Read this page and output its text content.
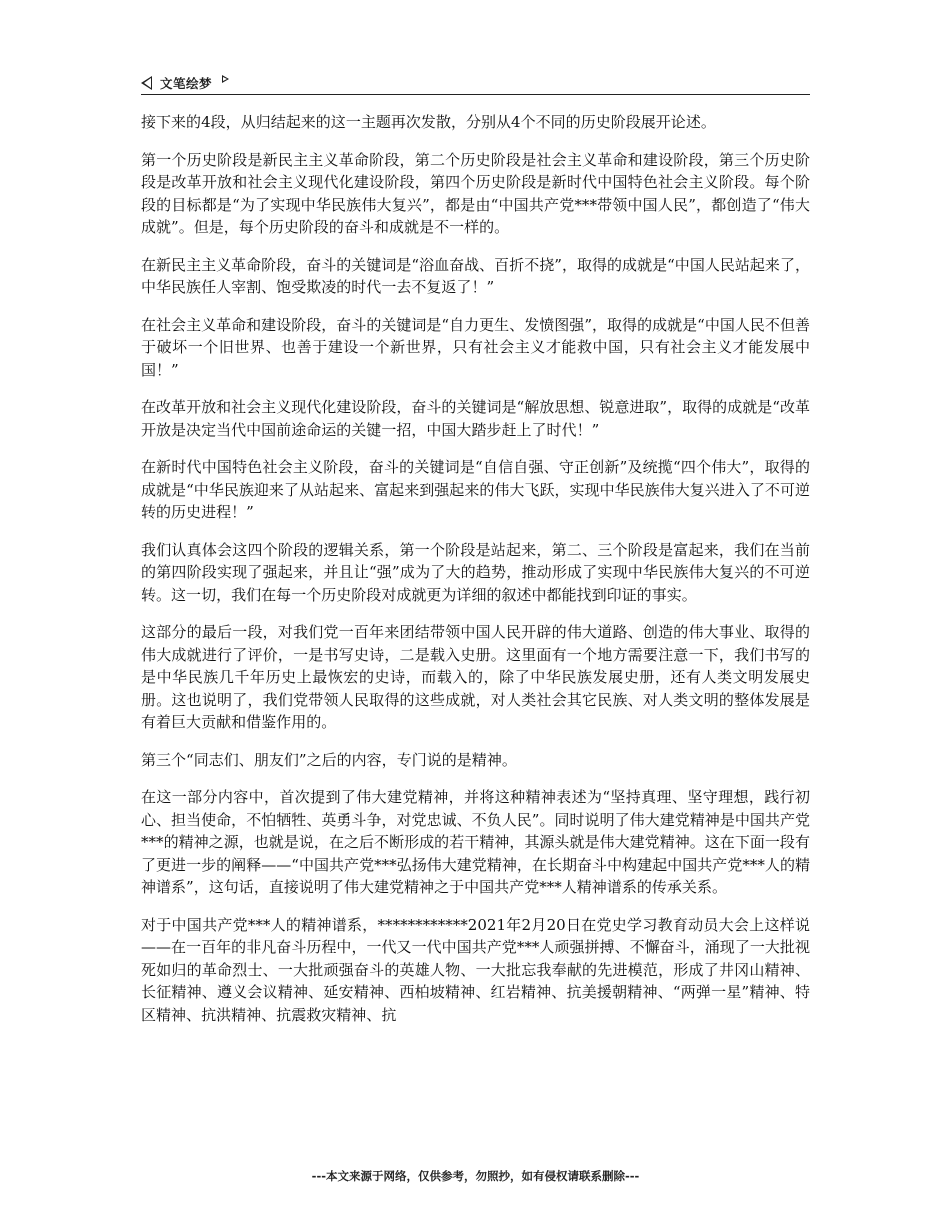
文笔绘梦

接下来的4段，从归结起来的这一主题再次发散，分别从4个不同的历史阶段展开论述。

第一个历史阶段是新民主主义革命阶段，第二个历史阶段是社会主义革命和建设阶段，第三个历史阶段是改革开放和社会主义现代化建设阶段，第四个历史阶段是新时代中国特色社会主义阶段。每个阶段的目标都是“为了实现中华民族伟大复兴”，都是由“中国共产党***带领中国人民”，都创造了“伟大成就”。但是，每个历史阶段的奋斗和成就是不一样的。

在新民主主义革命阶段，奋斗的关键词是“浴血奋战、百折不挠”，取得的成就是“中国人民站起来了，中华民族任人宰割、饱受欺凌的时代一去不复返了！”

在社会主义革命和建设阶段，奋斗的关键词是“自力更生、发愤图强”，取得的成就是“中国人民不但善于破坏一个旧世界、也善于建设一个新世界，只有社会主义才能救中国，只有社会主义才能发展中国！”

在改革开放和社会主义现代化建设阶段，奋斗的关键词是“解放思想、锐意进取”，取得的成就是“改革开放是决定当代中国前途命运的关键一招，中国大踏步赶上了时代！”

在新时代中国特色社会主义阶段，奋斗的关键词是“自信自强、守正创新”及统揽“四个伟大”，取得的成就是“中华民族迎来了从站起来、富起来到强起来的伟大飞跃，实现中华民族伟大复兴进入了不可逆转的历史进程！”

我们认真体会这四个阶段的逻辑关系，第一个阶段是站起来，第二、三个阶段是富起来，我们在当前的第四阶段实现了强起来，并且让“强”成为了大的趋势，推动形成了实现中华民族伟大复兴的不可逆转。这一切，我们在每一个历史阶段对成就更为详细的叙述中都能找到印证的事实。

这部分的最后一段，对我们党一百年来团结带领中国人民开辟的伟大道路、创造的伟大事业、取得的伟大成就进行了评价，一是书写史诗，二是载入史册。这里面有一个地方需要注意一下，我们书写的是中华民族几千年历史上最恢宏的史诗，而载入的，除了中华民族发展史册，还有人类文明发展史册。这也说明了，我们党带领人民取得的这些成就，对人类社会其它民族、对人类文明的整体发展是有着巨大贡献和借鉴作用的。

第三个“同志们、朋友们”之后的内容，专门说的是精神。

在这一部分内容中，首次提到了伟大建党精神，并将这种精神表述为“坚持真理、坚守理想，践行初心、担当使命，不怕牺牲、英勇斗争，对党忠诚、不负人民”。同时说明了伟大建党精神是中国共产党***的精神之源，也就是说，在之后不断形成的若干精神，其源头就是伟大建党精神。这在下面一段有了更进一步的阐释——“中国共产党***弘扬伟大建党精神，在长期奋斗中构建起中国共产党***人的精神谱系”，这句话，直接说明了伟大建党精神之于中国共产党***人精神谱系的传承关系。

对于中国共产党***人的精神谱系，************2021年2月20日在党史学习教育动员大会上这样说——在一百年的非凡奋斗历程中，一代又一代中国共产党***人顽强拼搏、不懈奋斗，涌现了一大批视死如归的革命烈士、一大批顽强奋斗的英雄人物、一大批忘我奉献的先进模范，形成了井冈山精神、长征精神、遵义会议精神、延安精神、西柏坡精神、红岩精神、抗美援朝精神、“两弹一星”精神、特区精神、抗洪精神、抗震救灾精神、抗

---本文来源于网络，仅供参考，勿照抄，如有侵权请联系删除---
